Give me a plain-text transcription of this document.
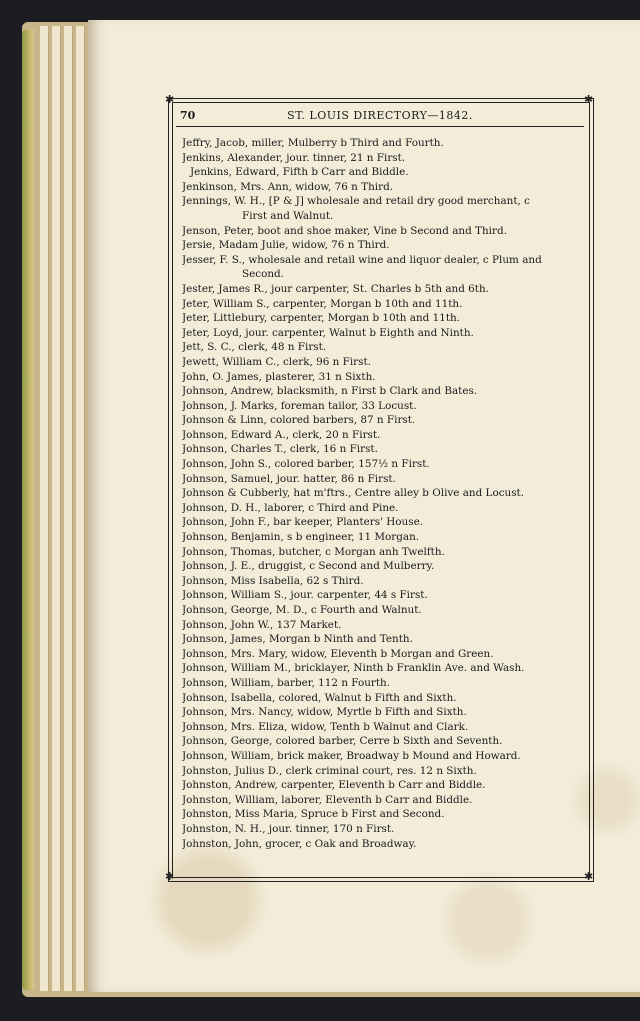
✱	✱
✱	✱
70	ST. LOUIS DIRECTORY—1842.
Jeffry, Jacob, miller, Mulberry b Third and Fourth.
Jenkins, Alexander, jour. tinner, 21 n First.
Jenkins, Edward, Fifth b Carr and Biddle.
Jenkinson, Mrs. Ann, widow, 76 n Third.
Jennings, W. H., [P & J] wholesale and retail dry good merchant, c
First and Walnut.
Jenson, Peter, boot and shoe maker, Vine b Second and Third.
Jersie, Madam Julie, widow, 76 n Third.
Jesser, F. S., wholesale and retail wine and liquor dealer, c Plum and
Second.
Jester, James R., jour carpenter, St. Charles b 5th and 6th.
Jeter, William S., carpenter, Morgan b 10th and 11th.
Jeter, Littlebury, carpenter, Morgan b 10th and 11th.
Jeter, Loyd, jour. carpenter, Walnut b Eighth and Ninth.
Jett, S. C., clerk, 48 n First.
Jewett, William C., clerk, 96 n First.
John, O. James, plasterer, 31 n Sixth.
Johnson, Andrew, blacksmith, n First b Clark and Bates.
Johnson, J. Marks, foreman tailor, 33 Locust.
Johnson & Linn, colored barbers, 87 n First.
Johnson, Edward A., clerk, 20 n First.
Johnson, Charles T., clerk, 16 n First.
Johnson, John S., colored barber, 157½ n First.
Johnson, Samuel, jour. hatter, 86 n First.
Johnson & Cubberly, hat m'ftrs., Centre alley b Olive and Locust.
Johnson, D. H., laborer, c Third and Pine.
Johnson, John F., bar keeper, Planters' House.
Johnson, Benjamin, s b engineer, 11 Morgan.
Johnson, Thomas, butcher, c Morgan anh Twelfth.
Johnson, J. E., druggist, c Second and Mulberry.
Johnson, Miss Isabella, 62 s Third.
Johnson, William S., jour. carpenter, 44 s First.
Johnson, George, M. D., c Fourth and Walnut.
Johnson, John W., 137 Market.
Johnson, James, Morgan b Ninth and Tenth.
Johnson, Mrs. Mary, widow, Eleventh b Morgan and Green.
Johnson, William M., bricklayer, Ninth b Franklin Ave. and Wash.
Johnson, William, barber, 112 n Fourth.
Johnson, Isabella, colored, Walnut b Fifth and Sixth.
Johnson, Mrs. Nancy, widow, Myrtle b Fifth and Sixth.
Johnson, Mrs. Eliza, widow, Tenth b Walnut and Clark.
Johnson, George, colored barber, Cerre b Sixth and Seventh.
Johnson, William, brick maker, Broadway b Mound and Howard.
Johnston, Julius D., clerk criminal court, res. 12 n Sixth.
Johnston, Andrew, carpenter, Eleventh b Carr and Biddle.
Johnston, William, laborer, Eleventh b Carr and Biddle.
Johnston, Miss Maria, Spruce b First and Second.
Johnston, N. H., jour. tinner, 170 n First.
Johnston, John, grocer, c Oak and Broadway.
